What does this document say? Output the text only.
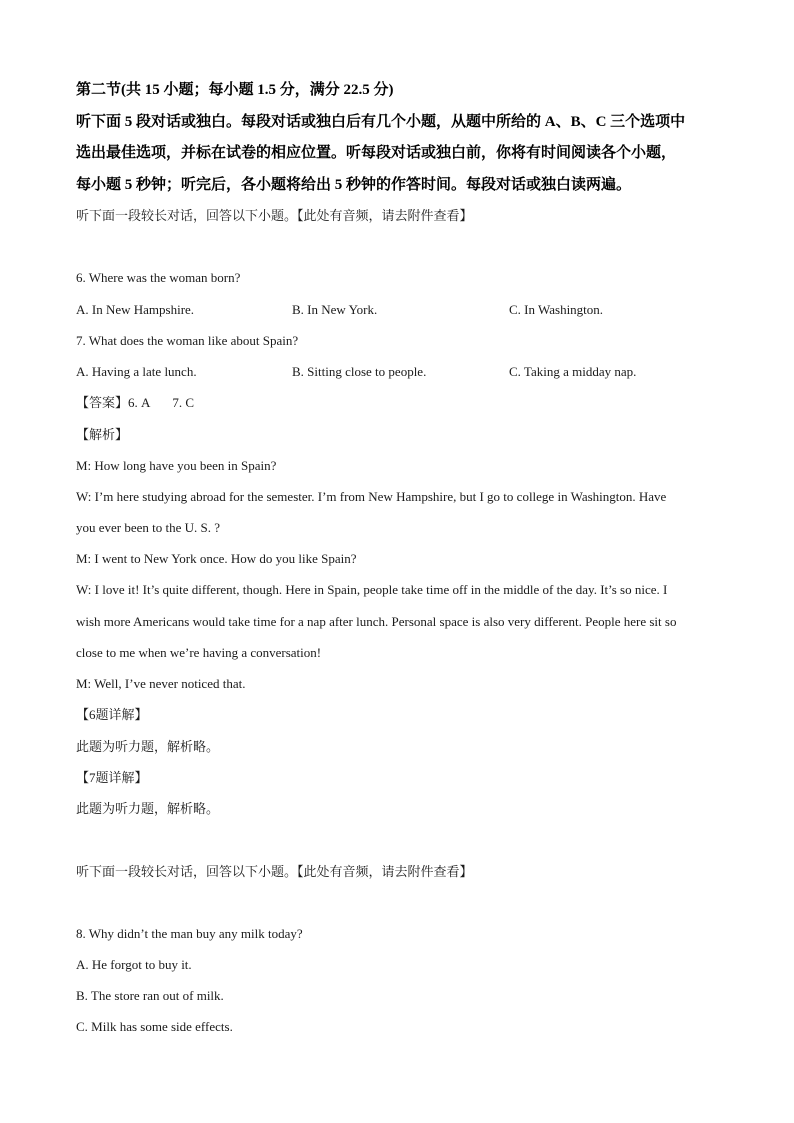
第二节(共 15 小题；每小题 1.5 分，满分 22.5 分)
听下面 5 段对话或独白。每段对话或独白后有几个小题，从题中所给的 A、B、C 三个选项中
选出最佳选项，并标在试卷的相应位置。听每段对话或独白前，你将有时间阅读各个小题，
每小题 5 秒钟；听完后，各小题将给出 5 秒钟的作答时间。每段对话或独白读两遍。
听下面一段较长对话，回答以下小题。【此处有音频，请去附件查看】
6. Where was the woman born?
A. In New Hampshire.	B. In New York.	C. In Washington.
7. What does the woman like about Spain?
A. Having a late lunch.	B. Sitting close to people.	C. Taking a midday nap.
【答案】6. A 7. C
【解析】
M: How long have you been in Spain?
W: I’m here studying abroad for the semester. I’m from New Hampshire, but I go to college in Washington. Have
you ever been to the U. S. ?
M: I went to New York once. How do you like Spain?
W: I love it! It’s quite different, though. Here in Spain, people take time off in the middle of the day. It’s so nice. I
wish more Americans would take time for a nap after lunch. Personal space is also very different. People here sit so
close to me when we’re having a conversation!
M: Well, I’ve never noticed that.
【6题详解】
此题为听力题，解析略。
【7题详解】
此题为听力题，解析略。
听下面一段较长对话，回答以下小题。【此处有音频，请去附件查看】
8. Why didn’t the man buy any milk today?
A. He forgot to buy it.
B. The store ran out of milk.
C. Milk has some side effects.
